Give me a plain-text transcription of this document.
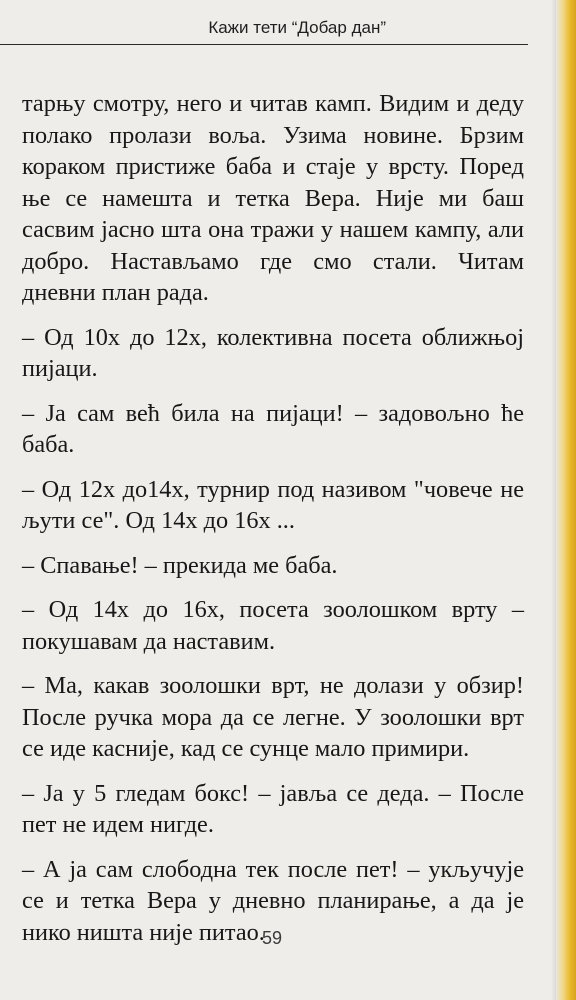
Кажи тети “Добар дан”

тарњу смотру, него и читав камп. Видим и деду полако пролази вољa. Узима новине. Брзим кораком пристиже баба и стаје у врсту. Поред ње се намешта и тетка Вера. Није ми баш сасвим јасно шта она тражи у нашем кампу, али добро. Настављамо где смо стали. Читам дневни план рада.

– Од 10х до 12х, колективна посета оближњој пијаци.

– Ја сам већ била на пијаци! – задовољно ће баба.

– Од 12х до14х, турнир под називом "човече не љути се". Од 14х до 16х ...

– Спавање! – прекида ме баба.

– Од 14х до 16х, посета зоолошком врту – покушавам да наставим.

– Ма, какав зоолошки врт, не долази у обзир! После ручка мора да се легне. У зоолошки врт се иде касније, кад се сунце мало примири.

– Ја у 5 гледам бокс! – јавља се деда. – После пет не идем нигде.

– А ја сам слободна тек после пет! – укључује се и тетка Вера у дневно планирање, а да је нико ништа није питао.

59
